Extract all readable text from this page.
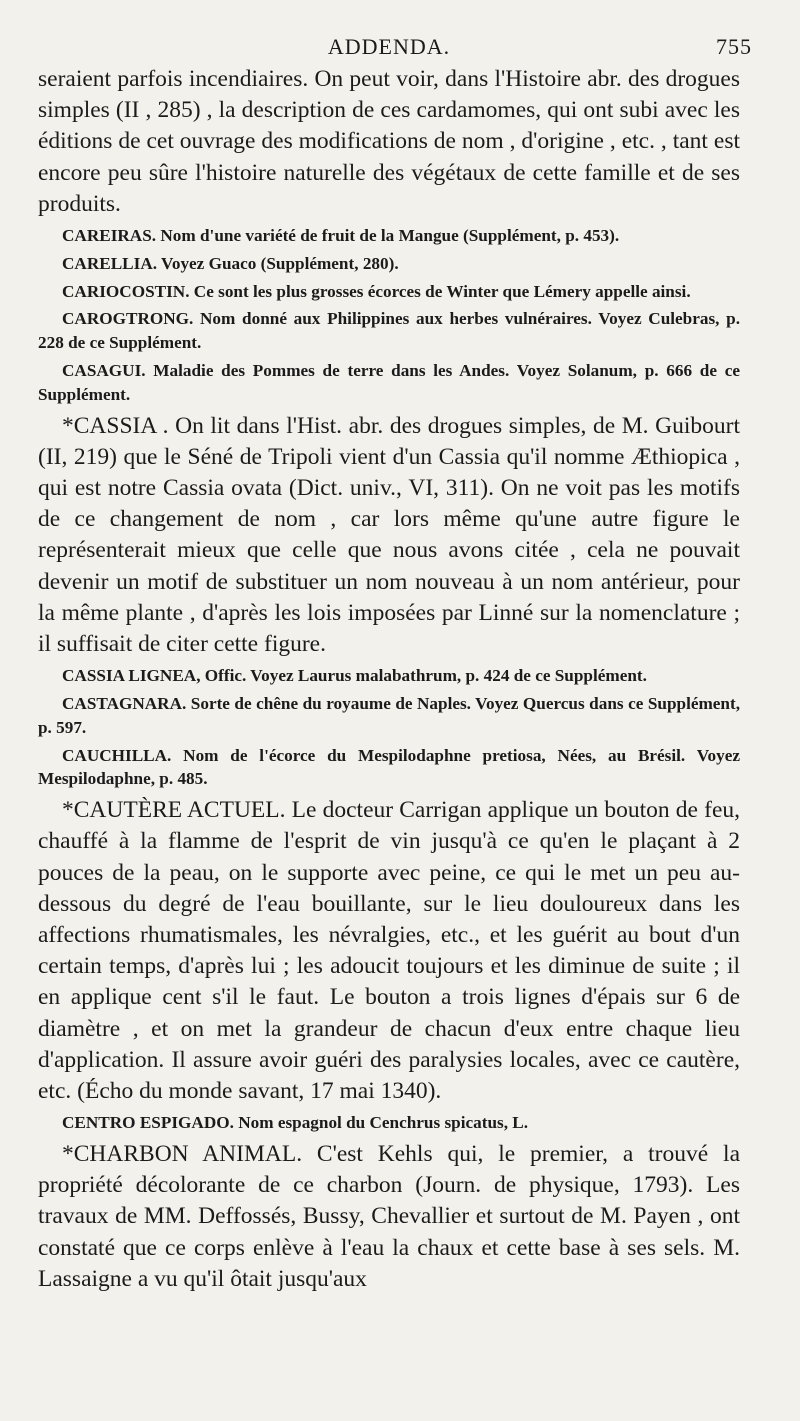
ADDENDA.	755

seraient parfois incendiaires. On peut voir, dans l'Histoire abr. des drogues simples (II , 285) , la description de ces cardamomes, qui ont subi avec les éditions de cet ouvrage des modifications de nom , d'origine , etc. , tant est encore peu sûre l'histoire naturelle des végétaux de cette famille et de ses produits.

CAREIRAS. Nom d'une variété de fruit de la Mangue (Supplément, p. 453).

CARELLIA. Voyez Guaco (Supplément, 280).

CARIOCOSTIN. Ce sont les plus grosses écorces de Winter que Lémery appelle ainsi.

CAROGTRONG. Nom donné aux Philippines aux herbes vulnéraires. Voyez Culebras, p. 228 de ce Supplément.

CASAGUI. Maladie des Pommes de terre dans les Andes. Voyez Solanum, p. 666 de ce Supplément.

*CASSIA . On lit dans l'Hist. abr. des drogues simples, de M. Guibourt (II, 219) que le Séné de Tripoli vient d'un Cassia qu'il nomme Æthiopica , qui est notre Cassia ovata (Dict. univ., VI, 311). On ne voit pas les motifs de ce changement de nom , car lors même qu'une autre figure le représenterait mieux que celle que nous avons citée , cela ne pouvait devenir un motif de substituer un nom nouveau à un nom antérieur, pour la même plante , d'après les lois imposées par Linné sur la nomenclature ; il suffisait de citer cette figure.

CASSIA LIGNEA, Offic. Voyez Laurus malabathrum, p. 424 de ce Supplément.

CASTAGNARA. Sorte de chêne du royaume de Naples. Voyez Quercus dans ce Supplément, p. 597.

CAUCHILLA. Nom de l'écorce du Mespilodaphne pretiosa, Nées, au Brésil. Voyez Mespilodaphne, p. 485.

*CAUTÈRE ACTUEL. Le docteur Carrigan applique un bouton de feu, chauffé à la flamme de l'esprit de vin jusqu'à ce qu'en le plaçant à 2 pouces de la peau, on le supporte avec peine, ce qui le met un peu au-dessous du degré de l'eau bouillante, sur le lieu douloureux dans les affections rhumatismales, les névralgies, etc., et les guérit au bout d'un certain temps, d'après lui ; les adoucit toujours et les diminue de suite ; il en applique cent s'il le faut. Le bouton a trois lignes d'épais sur 6 de diamètre , et on met la grandeur de chacun d'eux entre chaque lieu d'application. Il assure avoir guéri des paralysies locales, avec ce cautère, etc. (Écho du monde savant, 17 mai 1340).

CENTRO ESPIGADO. Nom espagnol du Cenchrus spicatus, L.

*CHARBON ANIMAL. C'est Kehls qui, le premier, a trouvé la propriété décolorante de ce charbon (Journ. de physique, 1793). Les travaux de MM. Deffossés, Bussy, Chevallier et surtout de M. Payen , ont constaté que ce corps enlève à l'eau la chaux et cette base à ses sels. M. Lassaigne a vu qu'il ôtait jusqu'aux
